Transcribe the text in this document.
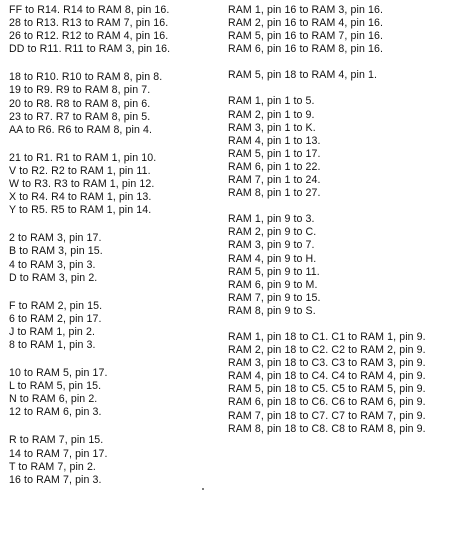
FF to R14. R14 to RAM 8, pin 16.
28 to R13. R13 to RAM 7, pin 16.
26 to R12. R12 to RAM 4, pin 16.
DD to R11. R11 to RAM 3, pin 16.
18 to R10. R10 to RAM 8, pin 8.
19 to R9. R9 to RAM 8, pin 7.
20 to R8. R8 to RAM 8, pin 6.
23 to R7. R7 to RAM 8, pin 5.
AA to R6. R6 to RAM 8, pin 4.
21 to R1. R1 to RAM 1, pin 10.
V to R2. R2 to RAM 1, pin 11.
W to R3. R3 to RAM 1, pin 12.
X to R4. R4 to RAM 1, pin 13.
Y to R5. R5 to RAM 1, pin 14.
2 to RAM 3, pin 17.
B to RAM 3, pin 15.
4 to RAM 3, pin 3.
D to RAM 3, pin 2.
F to RAM 2, pin 15.
6 to RAM 2, pin 17.
J to RAM 1, pin 2.
8 to RAM 1, pin 3.
10 to RAM 5, pin 17.
L to RAM 5, pin 15.
N to RAM 6, pin 2.
12 to RAM 6, pin 3.
R to RAM 7, pin 15.
14 to RAM 7, pin 17.
T to RAM 7, pin 2.
16 to RAM 7, pin 3.
RAM 1, pin 16 to RAM 3, pin 16.
RAM 2, pin 16 to RAM 4, pin 16.
RAM 5, pin 16 to RAM 7, pin 16.
RAM 6, pin 16 to RAM 8, pin 16.
RAM 5, pin 18 to RAM 4, pin 1.
RAM 1, pin 1 to 5.
RAM 2, pin 1 to 9.
RAM 3, pin 1 to K.
RAM 4, pin 1 to 13.
RAM 5, pin 1 to 17.
RAM 6, pin 1 to 22.
RAM 7, pin 1 to 24.
RAM 8, pin 1 to 27.
RAM 1, pin 9 to 3.
RAM 2, pin 9 to C.
RAM 3, pin 9 to 7.
RAM 4, pin 9 to H.
RAM 5, pin 9 to 11.
RAM 6, pin 9 to M.
RAM 7, pin 9 to 15.
RAM 8, pin 9 to S.
RAM 1, pin 18 to C1. C1 to RAM 1, pin 9.
RAM 2, pin 18 to C2. C2 to RAM 2, pin 9.
RAM 3, pin 18 to C3. C3 to RAM 3, pin 9.
RAM 4, pin 18 to C4. C4 to RAM 4, pin 9.
RAM 5, pin 18 to C5. C5 to RAM 5, pin 9.
RAM 6, pin 18 to C6. C6 to RAM 6, pin 9.
RAM 7, pin 18 to C7. C7 to RAM 7, pin 9.
RAM 8, pin 18 to C8. C8 to RAM 8, pin 9.
